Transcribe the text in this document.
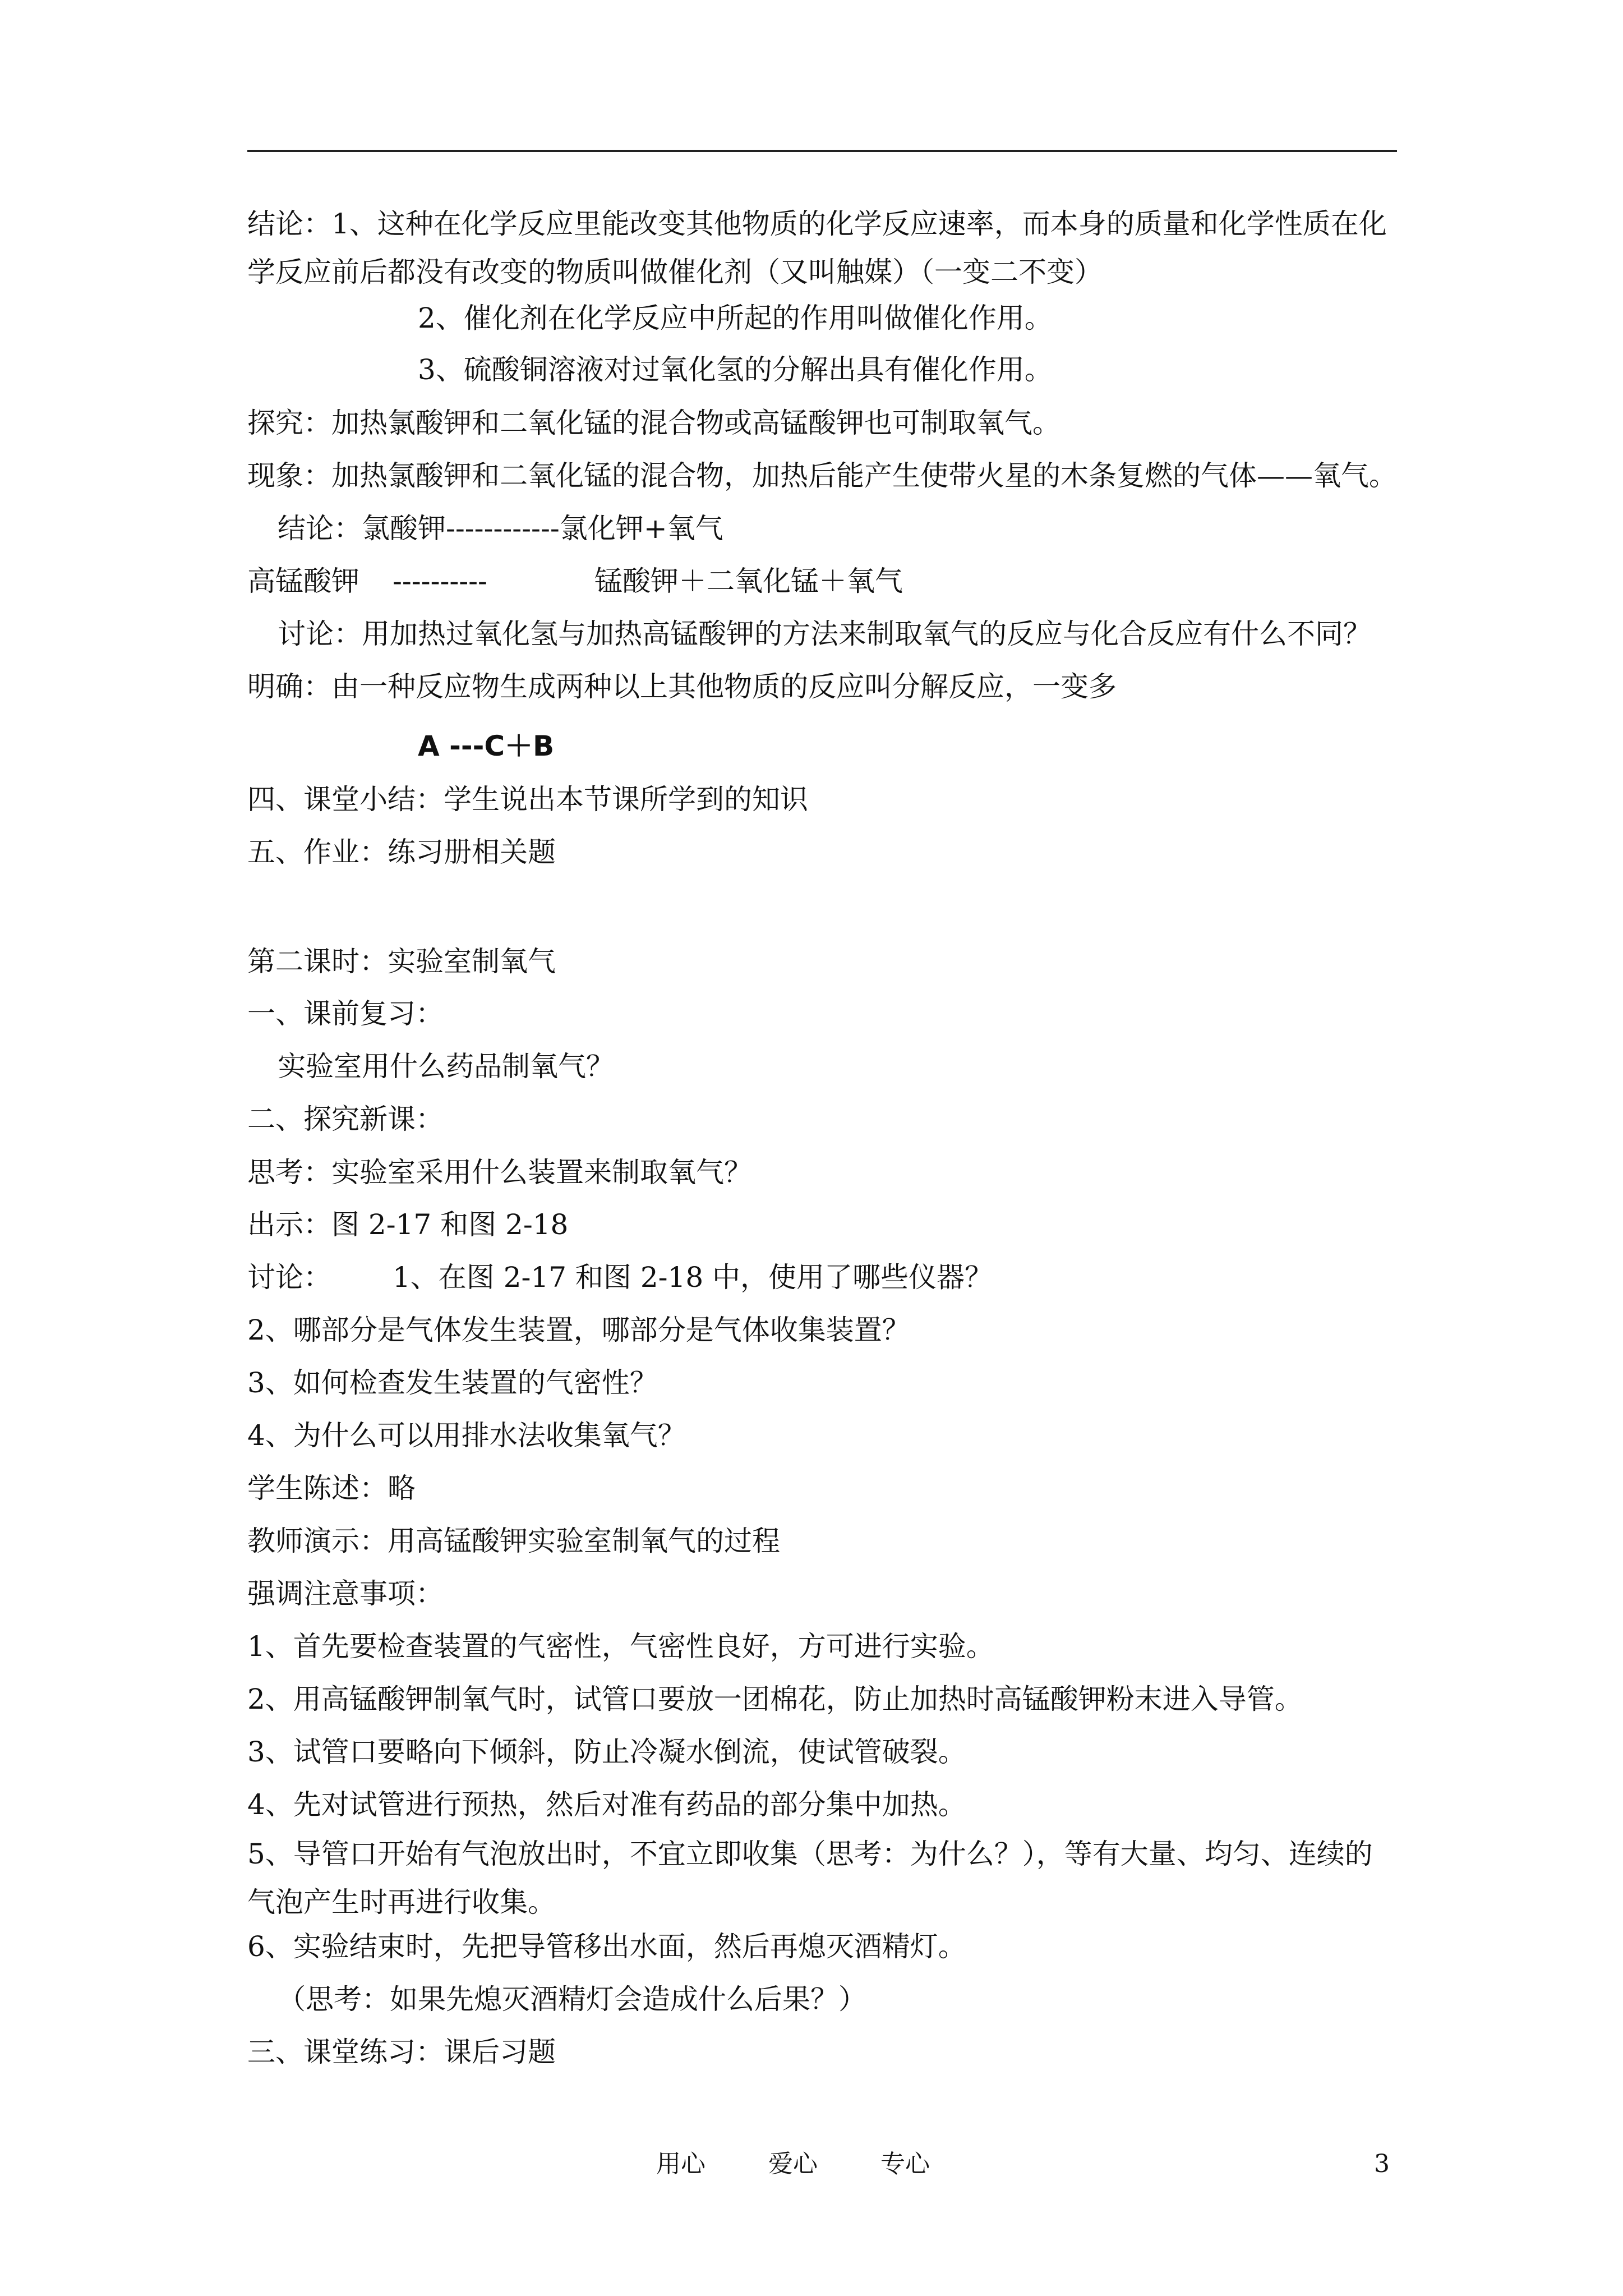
结论：1、这种在化学反应里能改变其他物质的化学反应速率，而本身的质量和化学性质在化学反应前后都没有改变的物质叫做催化剂（又叫触媒）（一变二不变）

2、催化剂在化学反应中所起的作用叫做催化作用。

3、硫酸铜溶液对过氧化氢的分解出具有催化作用。

探究：加热氯酸钾和二氧化锰的混合物或高锰酸钾也可制取氧气。

现象：加热氯酸钾和二氧化锰的混合物，加热后能产生使带火星的木条复燃的气体——氧气。

结论：氯酸钾------------氯化钾+氧气

高锰酸钾 ----------	锰酸钾＋二氧化锰＋氧气

讨论：用加热过氧化氢与加热高锰酸钾的方法来制取氧气的反应与化合反应有什么不同？

明确：由一种反应物生成两种以上其他物质的反应叫分解反应，一变多

A ---C＋B

四、课堂小结：学生说出本节课所学到的知识

五、作业：练习册相关题

第二课时：实验室制氧气

一、课前复习：

实验室用什么药品制氧气？

二、探究新课：

思考：实验室采用什么装置来制取氧气？

出示：图 2-17 和图 2-18

讨论： 1、在图 2-17 和图 2-18 中，使用了哪些仪器？

2、哪部分是气体发生装置，哪部分是气体收集装置？

3、如何检查发生装置的气密性？

4、为什么可以用排水法收集氧气？

学生陈述：略

教师演示：用高锰酸钾实验室制氧气的过程

强调注意事项：

1、首先要检查装置的气密性，气密性良好，方可进行实验。

2、用高锰酸钾制氧气时，试管口要放一团棉花，防止加热时高锰酸钾粉末进入导管。

3、试管口要略向下倾斜，防止冷凝水倒流，使试管破裂。

4、先对试管进行预热，然后对准有药品的部分集中加热。

5、导管口开始有气泡放出时，不宜立即收集（思考：为什么？），等有大量、均匀、连续的气泡产生时再进行收集。

6、实验结束时，先把导管移出水面，然后再熄灭酒精灯。

（思考：如果先熄灭酒精灯会造成什么后果？）

三、课堂练习：课后习题

用心	爱心	专心	3
